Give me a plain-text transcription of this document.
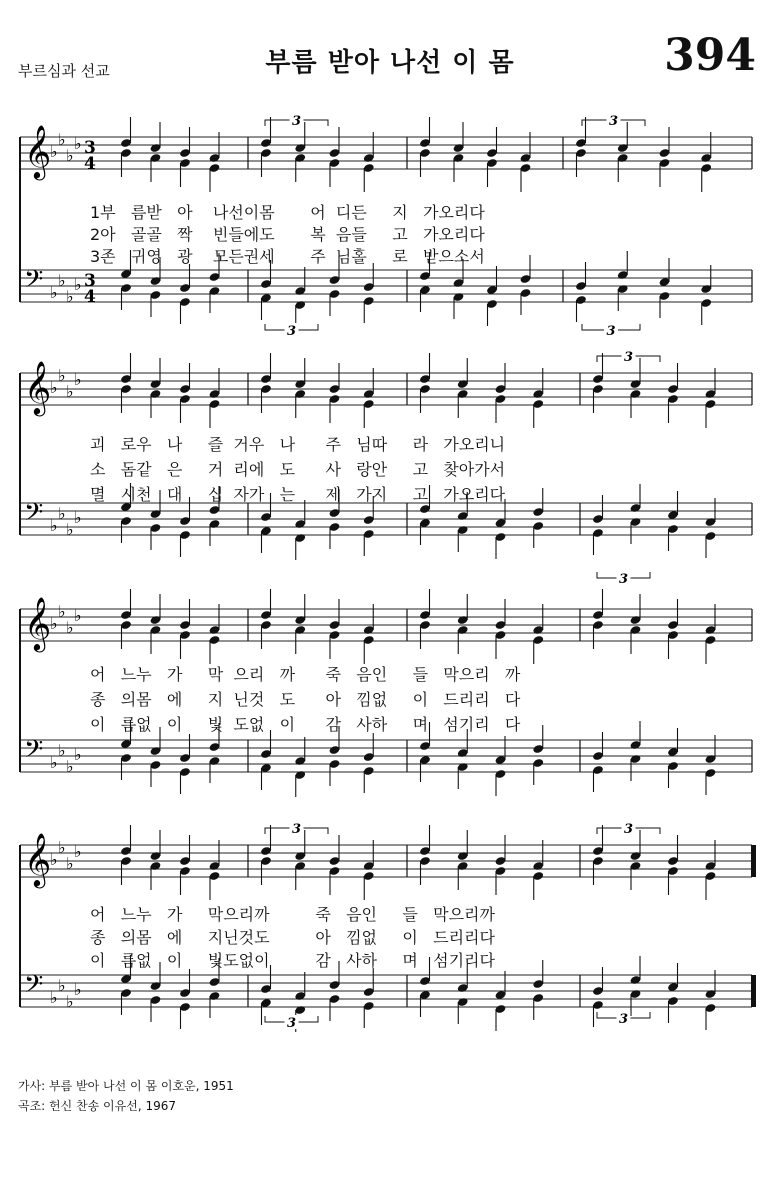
부르심과 선교	부름 받아 나선 이 몸	394
𝄞
𝄢
♭
♭
♭
♭
♭
♭
♭
♭
3
4
3
4
𝄞
𝄢
♭
♭
♭
♭
♭
♭
♭
♭
𝄞
𝄢
♭
♭
♭
♭
♭
♭
♭
♭
𝄞
𝄢
♭
♭
♭
♭
♭
♭
♭
♭
3	3
3	3
3
3
3	3
3	3
1부   름받   아    나선이몸       어  디든     지   가오리다
2아   골골   짝    빈들에도       복  음들     고   가오리다
3존   귀영   광    모든권세       주  님홀     로   받으소서
괴   로우   나     즐  거우   나      주   님따     라   가오리니
소   돔같   은     거  리에   도      사   랑안     고   찾아가서
멸   시천   대     십  자가   는      제   가지     고   가오리다
어   느누   가     막  으리   까      죽   음인     들   막으리   까
종   의몸   에     지  닌것   도      아   낌없     이   드리리   다
이   름없   이     빛  도없   이      감   사하     며   섬기리   다
어   느누   가     막으리까         죽   음인     들   막으리까
종   의몸   에     지닌것도         아   낌없     이   드리리다
이   름없   이     빛도없이         감   사하     며   섬기리다
가사: 부름 받아 나선 이 몸 이호운, 1951
곡조: 헌신 찬송 이유선, 1967
